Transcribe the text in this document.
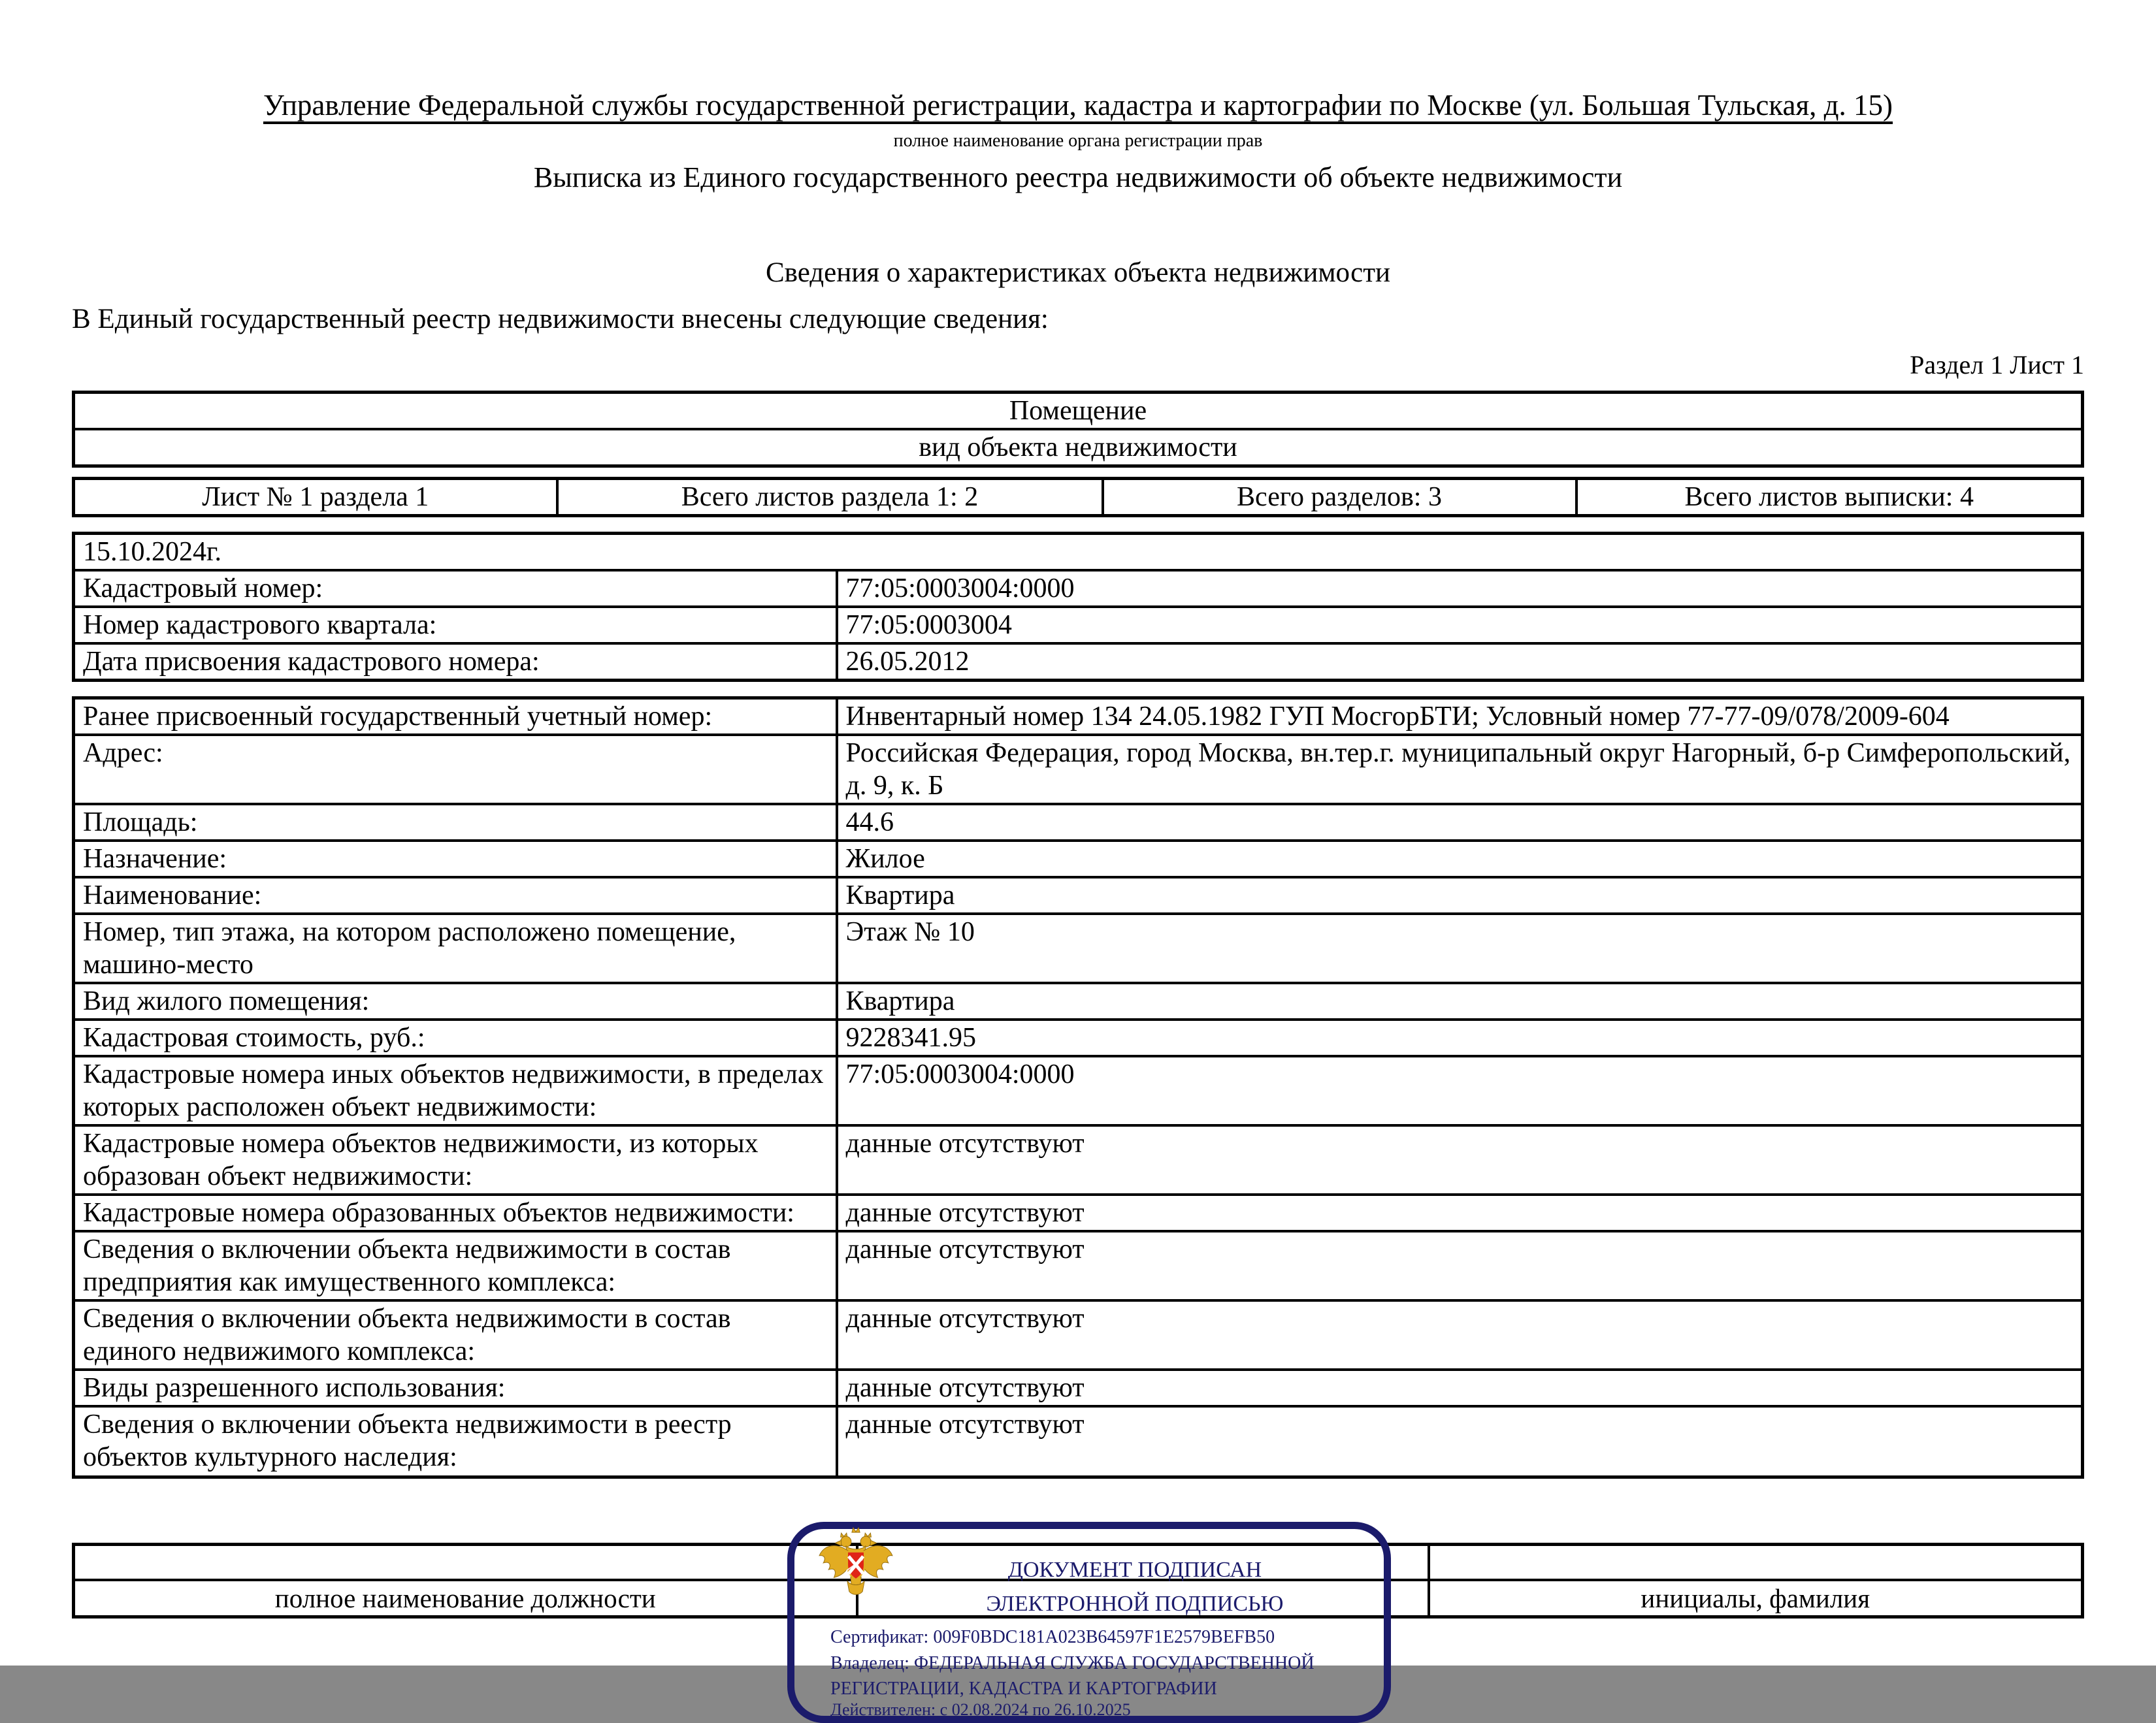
Управление Федеральной службы государственной регистрации, кадастра и картографии по Москве (ул. Большая Тульская, д. 15)
полное наименование органа регистрации прав
Выписка из Единого государственного реестра недвижимости об объекте недвижимости
Сведения о характеристиках объекта недвижимости
В Единый государственный реестр недвижимости внесены следующие сведения:
Раздел 1 Лист 1
Помещение
вид объекта недвижимости
Лист № 1 раздела 1	Всего листов раздела 1: 2	Всего разделов: 3	Всего листов выписки: 4
15.10.2024г.	
Кадастровый номер:	77:05:0003004:0000
Номер кадастрового квартала:	77:05:0003004
Дата присвоения кадастрового номера:	26.05.2012
Ранее присвоенный государственный учетный номер:	Инвентарный номер 134 24.05.1982 ГУП МосгорБТИ; Условный номер 77-77-09/078/2009-604
Адрес:	Российская Федерация, город Москва, вн.тер.г. муниципальный округ Нагорный, б-р Симферопольский, д. 9, к. Б
Площадь:	44.6
Назначение:	Жилое
Наименование:	Квартира
Номер, тип этажа, на котором расположено помещение, машино-место	Этаж № 10
Вид жилого помещения:	Квартира
Кадастровая стоимость, руб.:	9228341.95
Кадастровые номера иных объектов недвижимости, в пределах которых расположен объект недвижимости:	77:05:0003004:0000
Кадастровые номера объектов недвижимости, из которых образован объект недвижимости:	данные отсутствуют
Кадастровые номера образованных объектов недвижимости:	данные отсутствуют
Сведения о включении объекта недвижимости в состав предприятия как имущественного комплекса:	данные отсутствуют
Сведения о включении объекта недвижимости в состав единого недвижимого комплекса:	данные отсутствуют
Виды разрешенного использования:	данные отсутствуют
Сведения о включении объекта недвижимости в реестр объектов культурного наследия:	данные отсутствуют

полное наименование должности		инициалы, фамилия
ДОКУМЕНТ ПОДПИСАН
ЭЛЕКТРОННОЙ ПОДПИСЬЮ
Сертификат: 009F0BDC181A023B64597F1E2579BEFB50
Владелец: ФЕДЕРАЛЬНАЯ СЛУЖБА ГОСУДАРСТВЕННОЙ
РЕГИСТРАЦИИ, КАДАСТРА И КАРТОГРАФИИ
Действителен: с 02.08.2024 по 26.10.2025
